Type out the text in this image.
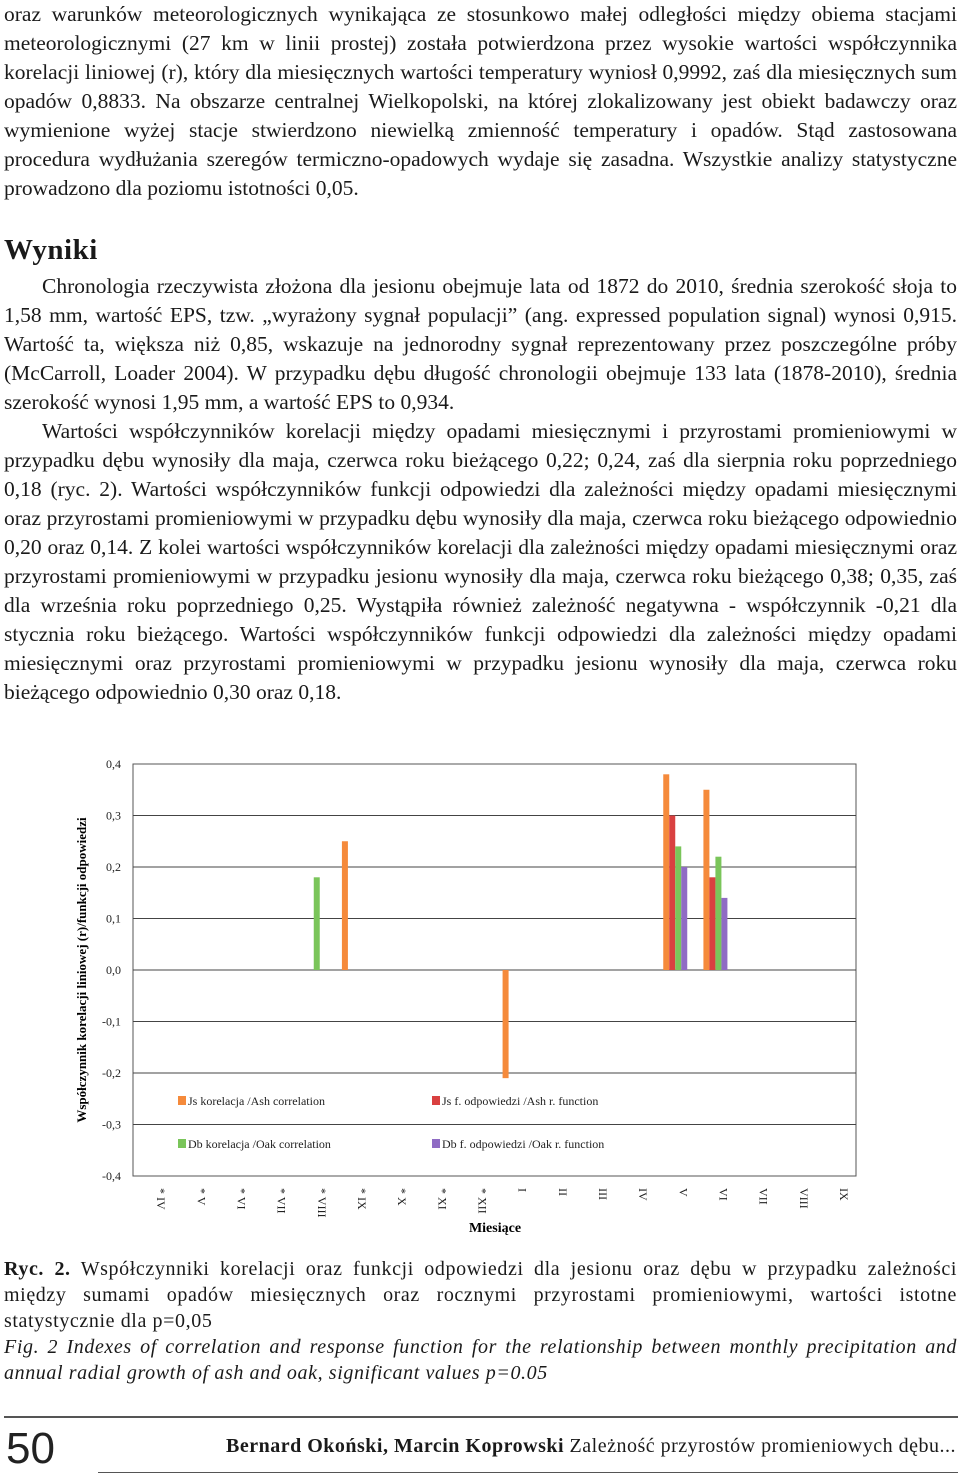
oraz warunków meteorologicznych wynikająca ze stosunkowo małej odległości między obiema stacjami meteorologicznymi (27 km w linii prostej) została potwierdzona przez wysokie wartości współczynnika korelacji liniowej (r), który dla miesięcznych wartości temperatury wyniosł 0,9992, zaś dla miesięcznych sum opadów 0,8833. Na obszarze centralnej Wielkopolski, na której zlokalizowany jest obiekt badawczy oraz wymienione wyżej stacje stwierdzono niewielką zmienność temperatury i opadów. Stąd zastosowana procedura wydłużania szeregów termiczno-opadowych wydaje się zasadna. Wszystkie analizy statystyczne prowadzono dla poziomu istotności 0,05.

Wyniki

Chronologia rzeczywista złożona dla jesionu obejmuje lata od 1872 do 2010, średnia szerokość słoja to 1,58 mm, wartość EPS, tzw. „wyrażony sygnał populacji” (ang. expressed population signal) wynosi 0,915. Wartość ta, większa niż 0,85, wskazuje na jednorodny sygnał reprezentowany przez poszczególne próby (McCarroll, Loader 2004). W przypadku dębu długość chronologii obejmuje 133 lata (1878-2010), średnia szerokość wynosi 1,95 mm, a wartość EPS to 0,934.

Wartości współczynników korelacji między opadami miesięcznymi i przyrostami promieniowymi w przypadku dębu wynosiły dla maja, czerwca roku bieżącego 0,22; 0,24, zaś dla sierpnia roku poprzedniego 0,18 (ryc. 2). Wartości współczynników funkcji odpowiedzi dla zależności między opadami miesięcznymi oraz przyrostami promieniowymi w przypadku dębu wynosiły dla maja, czerwca roku bieżącego odpowiednio 0,20 oraz 0,14. Z kolei wartości współczynników korelacji dla zależności między opadami miesięcznymi oraz przyrostami promieniowymi w przypadku jesionu wynosiły dla maja, czerwca roku bieżącego 0,38; 0,35, zaś dla września roku poprzedniego 0,25. Wystąpiła również zależność negatywna - współczynnik -0,21 dla stycznia roku bieżącego. Wartości współczynników funkcji odpowiedzi dla zależności między opadami miesięcznymi oraz przyrostami promieniowymi w przypadku jesionu wynosiły dla maja, czerwca roku bieżącego odpowiednio 0,30 oraz 0,18.

0,4
0,3
0,2
0,1
0,0
-0,1
-0,2
-0,3
-0,4
* IV * V * VI * VII * VIII * IX * X * XI * XII I II III IV V VI VII VIII IX
Współczynnik korelacji liniowej (r)/funkcji odpowiedzi
Miesiące
Js korelacja /Ash correlation	Js f. odpowiedzi /Ash r. function
Db korelacja /Oak correlation	Db f. odpowiedzi /Oak r. function

Ryc. 2. Współczynniki korelacji oraz funkcji odpowiedzi dla jesionu oraz dębu w przypadku zależności między sumami opadów miesięcznych oraz rocznymi przyrostami promieniowymi, wartości istotne statystycznie dla p=0,05

Fig. 2 Indexes of correlation and response function for the relationship between monthly precipitation and annual radial growth of ash and oak, significant values p=0.05

50	Bernard Okoński, Marcin Koprowski Zależność przyrostów promieniowych dębu...
